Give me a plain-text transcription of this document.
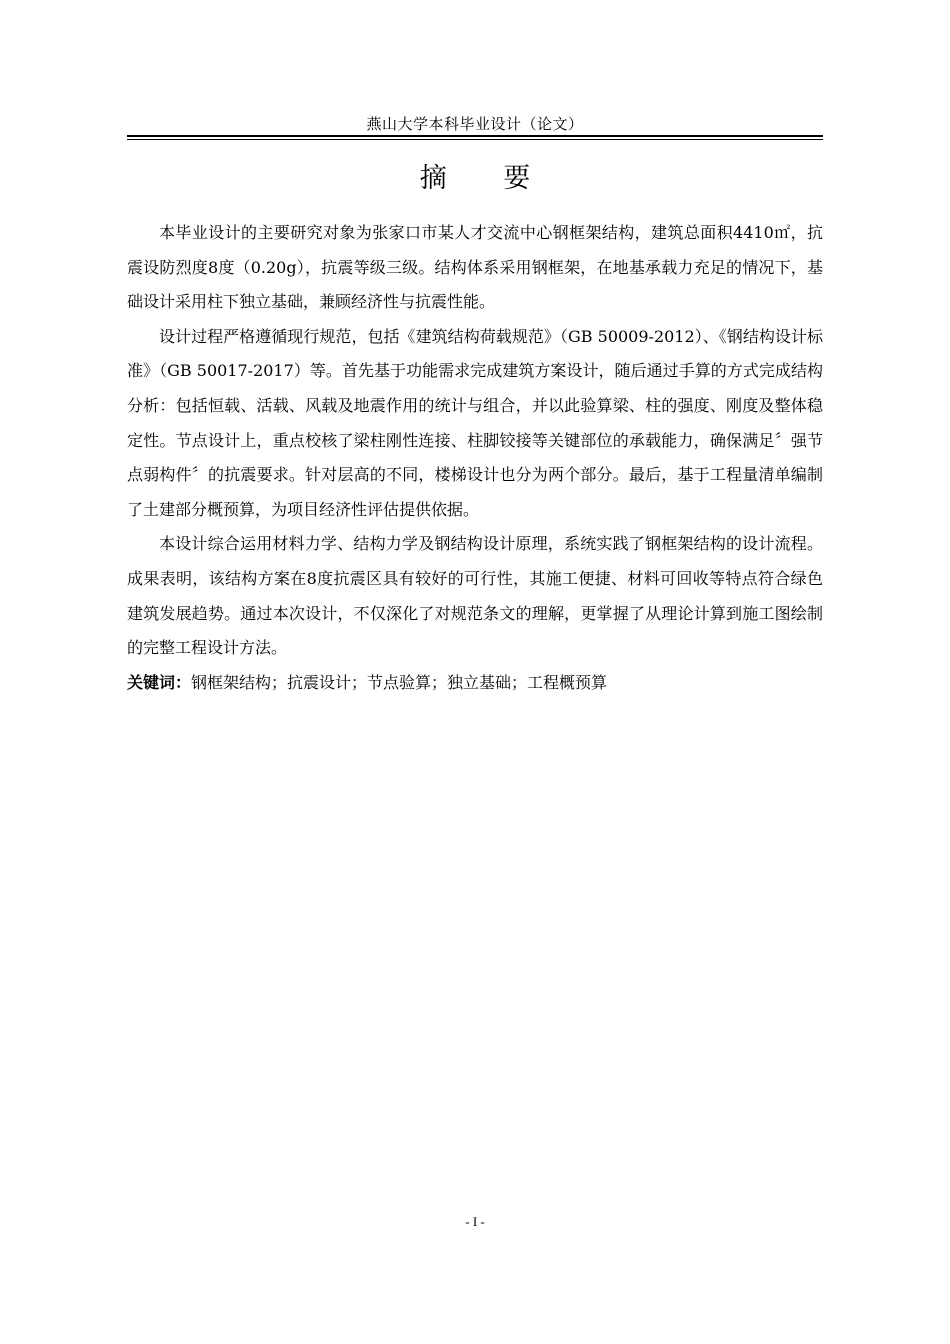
燕山大学本科毕业设计（论文）
摘 要

本毕业设计的主要研究对象为张家口市某人才交流中心钢框架结构，建筑总面积4410㎡，抗震设防烈度8度（0.20g），抗震等级三级。结构体系采用钢框架，在地基承载力充足的情况下，基础设计采用柱下独立基础，兼顾经济性与抗震性能。

设计过程严格遵循现行规范，包括《建筑结构荷载规范》（GB 50009-2012）、《钢结构设计标准》（GB 50017-2017）等。首先基于功能需求完成建筑方案设计，随后通过手算的方式完成结构分析：包括恒载、活载、风载及地震作用的统计与组合，并以此验算梁、柱的强度、刚度及整体稳定性。节点设计上，重点校核了梁柱刚性连接、柱脚铰接等关键部位的承载能力，确保满足〞强节点弱构件〞的抗震要求。针对层高的不同，楼梯设计也分为两个部分。最后，基于工程量清单编制了土建部分概预算，为项目经济性评估提供依据。

本设计综合运用材料力学、结构力学及钢结构设计原理，系统实践了钢框架结构的设计流程。成果表明，该结构方案在8度抗震区具有较好的可行性，其施工便捷、材料可回收等特点符合绿色建筑发展趋势。通过本次设计，不仅深化了对规范条文的理解，更掌握了从理论计算到施工图绘制的完整工程设计方法。

关键词：钢框架结构；抗震设计；节点验算；独立基础；工程概预算

- I -
